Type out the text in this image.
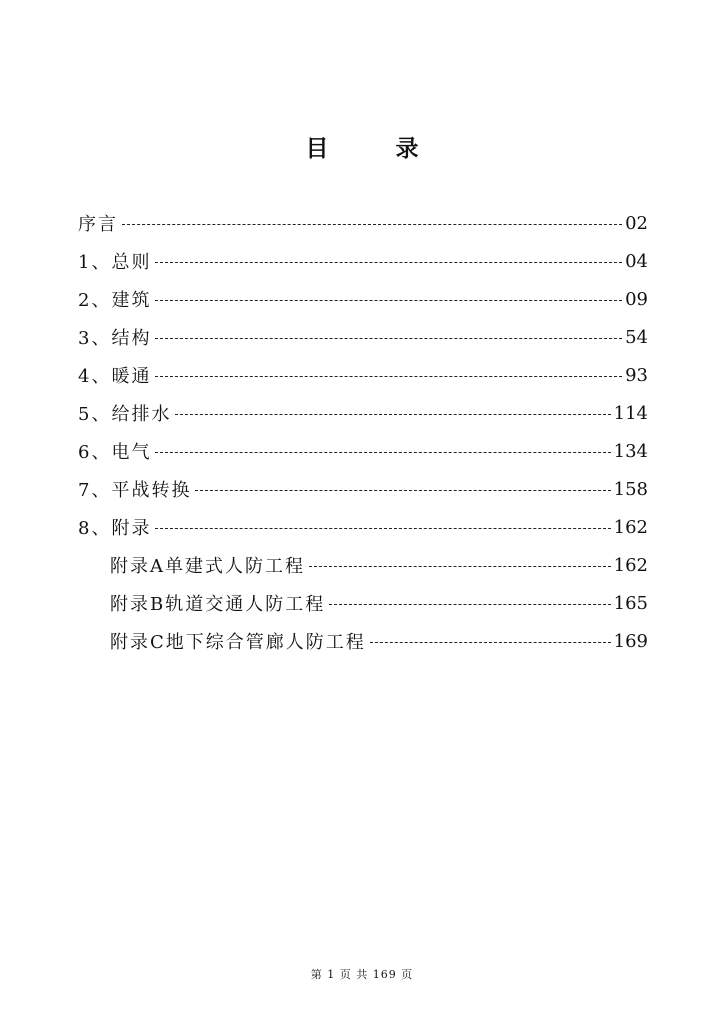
目　录
序言	02
1、总则	04
2、建筑	09
3、结构	54
4、暖通	93
5、给排水	114
6、电气	134
7、平战转换	158
8、附录	162
附录A单建式人防工程	162
附录B轨道交通人防工程	165
附录C地下综合管廊人防工程	169
第 1 页 共 169 页
